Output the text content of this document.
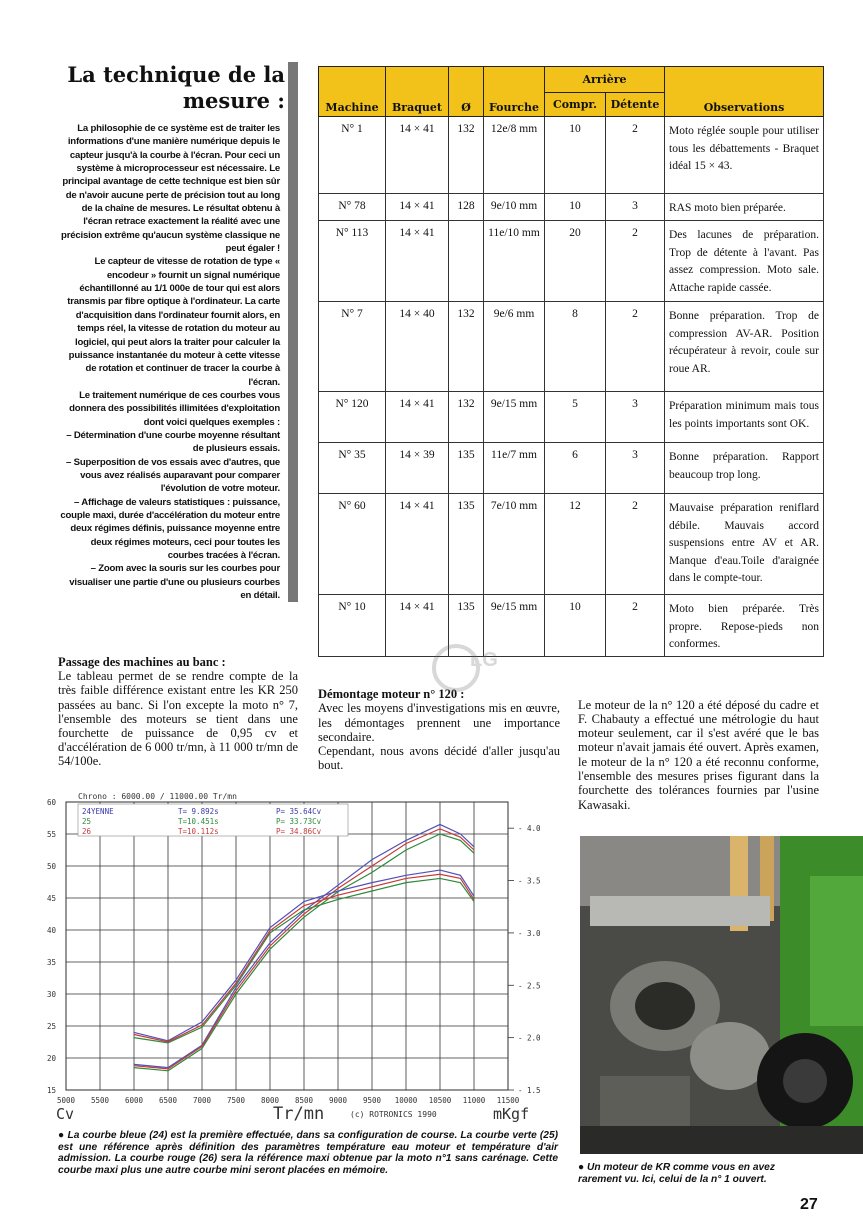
La technique de la mesure :

La philosophie de ce système est de traiter les informations d'une manière numérique depuis le capteur jusqu'à la courbe à l'écran. Pour ceci un système à microprocesseur est nécessaire. Le principal avantage de cette technique est bien sûr de n'avoir aucune perte de précision tout au long de la chaîne de mesures. Le résultat obtenu à l'écran retrace exactement la réalité avec une précision extrême qu'aucun système classique ne peut égaler !

Le capteur de vitesse de rotation de type « encodeur » fournit un signal numérique échantillonné au 1/1 000e de tour qui est alors transmis par fibre optique à l'ordinateur. La carte d'acquisition dans l'ordinateur fournit alors, en temps réel, la vitesse de rotation du moteur au logiciel, qui peut alors la traiter pour calculer la puissance instantanée du moteur à cette vitesse de rotation et continuer de tracer la courbe à l'écran.

Le traitement numérique de ces courbes vous donnera des possibilités illimitées d'exploitation dont voici quelques exemples :

– Détermination d'une courbe moyenne résultant de plusieurs essais.

– Superposition de vos essais avec d'autres, que vous avez réalisés auparavant pour comparer l'évolution de votre moteur.

– Affichage de valeurs statistiques : puissance, couple maxi, durée d'accélération du moteur entre deux régimes définis, puissance moyenne entre deux régimes moteurs, ceci pour toutes les courbes tracées à l'écran.

– Zoom avec la souris sur les courbes pour visualiser une partie d'une ou plusieurs courbes en détail.

Machine	Braquet	Ø	Fourche	Arrière		Observations
				Compr.	Détente	
N° 1	14 × 41	132	12e/8 mm	10	2	Moto réglée souple pour utiliser tous les débattements - Braquet idéal 15 × 43.
N° 78	14 × 41	128	9e/10 mm	10	3	RAS moto bien préparée.
N° 113	14 × 41		11e/10 mm	20	2	Des lacunes de préparation. Trop de détente à l'avant. Pas assez compression. Moto sale. Attache rapide cassée.
N° 7	14 × 40	132	9e/6 mm	8	2	Bonne préparation. Trop de compression AV-AR. Position récupérateur à revoir, coule sur roue AR.
N° 120	14 × 41	132	9e/15 mm	5	3	Préparation minimum mais tous les points importants sont OK.
N° 35	14 × 39	135	11e/7 mm	6	3	Bonne préparation. Rapport beaucoup trop long.
N° 60	14 × 41	135	7e/10 mm	12	2	Mauvaise préparation reniflard débile. Mauvais accord suspensions entre AV et AR. Manque d'eau.Toile d'araignée dans le compte-tour.
N° 10	14 × 41	135	9e/15 mm	10	2	Moto bien préparée. Très propre. Repose-pieds non conformes.
Passage des machines au banc :

Le tableau permet de se rendre compte de la très faible différence existant entre les KR 250 passées au banc. Si l'on excepte la moto n° 7, l'ensemble des moteurs se tient dans une fourchette de puissance de 0,95 cv et d'accélération de 6 000 tr/mn, à 11 000 tr/mn de 54/100e.

Démontage moteur n° 120 :

Avec les moyens d'investigations mis en œuvre, les démontages prennent une importance secondaire.

Cependant, nous avons décidé d'aller jusqu'au bout.

Le moteur de la n° 120 a été déposé du cadre et F. Chabauty a effectué une métrologie du haut moteur seulement, car il s'est avéré que le bas moteur n'avait jamais été ouvert. Après examen, le moteur de la n° 120 a été reconnu conforme, l'ensemble des mesures prises figurant dans la fourchette des tolérances fournies par l'usine Kawasaki.

LG
5000 5500 6000 6500 7000 7500 8000 8500 9000 9500 10000 10500 11000 11500
15
20
25
30
35
40
45
50
55
60
- 1.5
- 2.0
- 2.5
- 3.0
- 3.5
- 4.0
24YENNE	T= 9.892s	P= 35.64Cv
25	T=10.451s	P= 33.73Cv
26	T=10.112s	P= 34.86Cv
Chrono : 6000.00 / 11000.00 Tr/mn
Cv	Tr/mn	(c) ROTRONICS 1990	mKgf
● La courbe bleue (24) est la première effectuée, dans sa configuration de course. La courbe verte (25) est une référence après définition des paramètres température eau moteur et température d'air admission. La courbe rouge (26) sera la référence maxi obtenue par la moto n°1 sans carénage. Cette courbe maxi plus une autre courbe mini seront placées en mémoire.	● Un moteur de KR comme vous en avez rarement vu. Ici, celui de la n° 1 ouvert.
27
